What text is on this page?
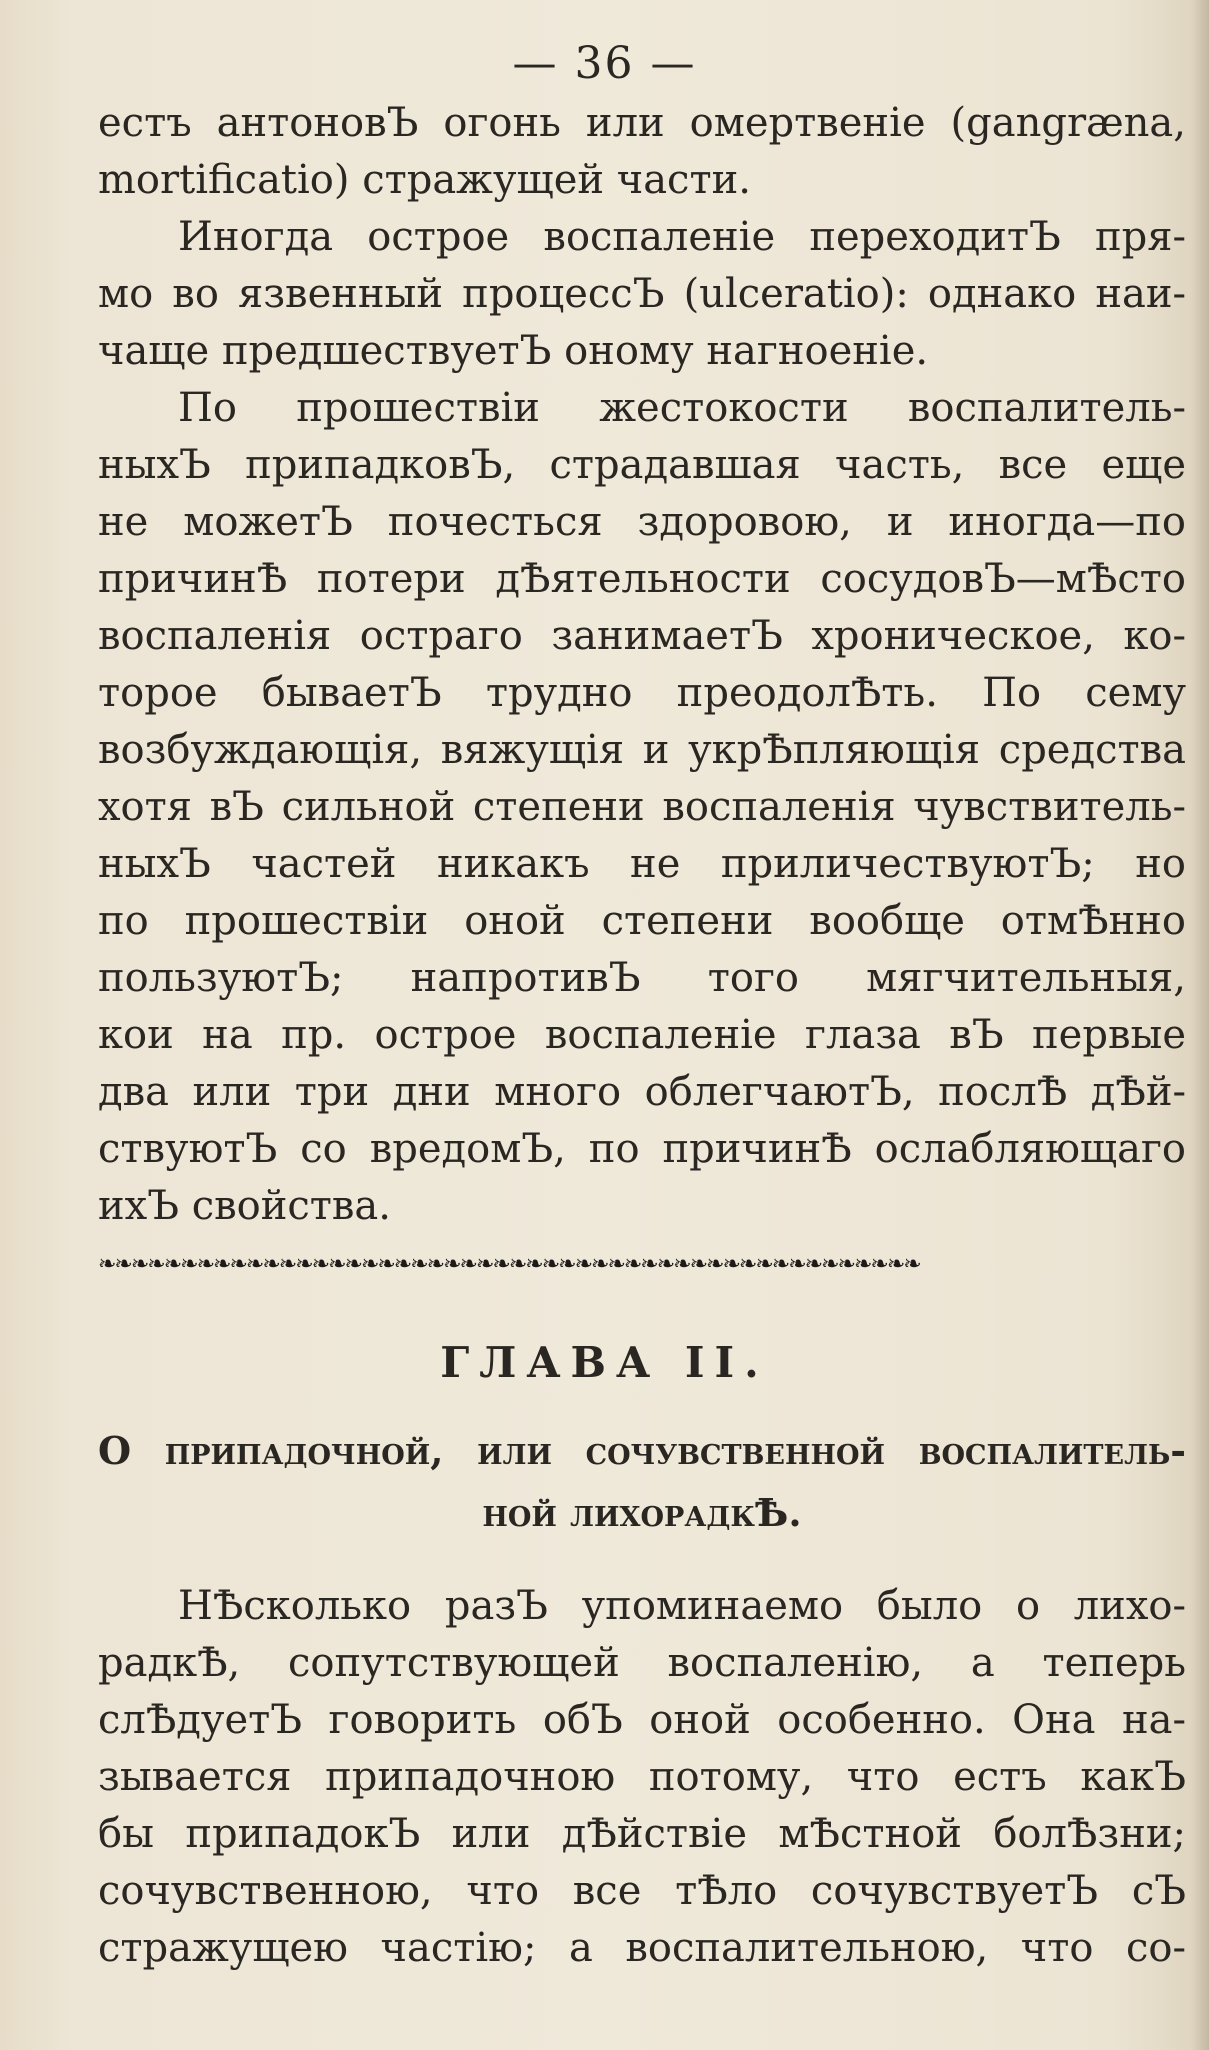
— 36 —
естъ антоновЪ огонь или омертвеніе (gangræna,
mortificatio) стражущей части.
Иногда острое воспаленіе переходитЪ пря-
мо во язвенный процессЪ (ulceratio): однако наи-
чаще предшествуетЪ оному нагноеніе.
По прошествіи жестокости воспалитель-
ныхЪ припадковЪ, страдавшая часть, все еще
не можетЪ почесться здоровою, и иногда—по
причинѢ потери дѢятельности сосудовЪ—мѢсто
воспаленія остраго занимаетЪ хроническое, ко-
торое бываетЪ трудно преодолѢть. По сему
возбуждающія, вяжущія и укрѢпляющія средства
хотя вЪ сильной степени воспаленія чувствитель-
ныхЪ частей никакъ не приличествуютЪ; но
по прошествіи оной степени вообще отмѢнно
пользуютЪ; напротивЪ того мягчительныя,
кои на пр. острое воспаленіе глаза вЪ первые
два или три дни много облегчаютЪ, послѢ дѢй-
ствуютЪ со вредомЪ, по причинѢ ослабляющаго
ихЪ свойства.
❧❧❧❧❧❧❧❧❧❧❧❧❧❧❧❧❧❧❧❧❧❧❧❧❧❧❧❧❧❧❧❧❧❧❧❧❧❧❧❧❧❧❧❧❧❧❧❧❧❧
ГЛАВА II.
О припадочной, или сочувственной воспалитель-
ной лихорадкѢ.
НѢсколько разЪ упоминаемо было о лихо-
радкѢ, сопутствующей воспаленію, а теперь
слѢдуетЪ говорить обЪ оной особенно. Она на-
зывается припадочною потому, что естъ какЪ
бы припадокЪ или дѢйствіе мѢстной болѢзни;
сочувственною, что все тѢло сочувствуетЪ сЪ
стражущею частію; а воспалительною, что со-
